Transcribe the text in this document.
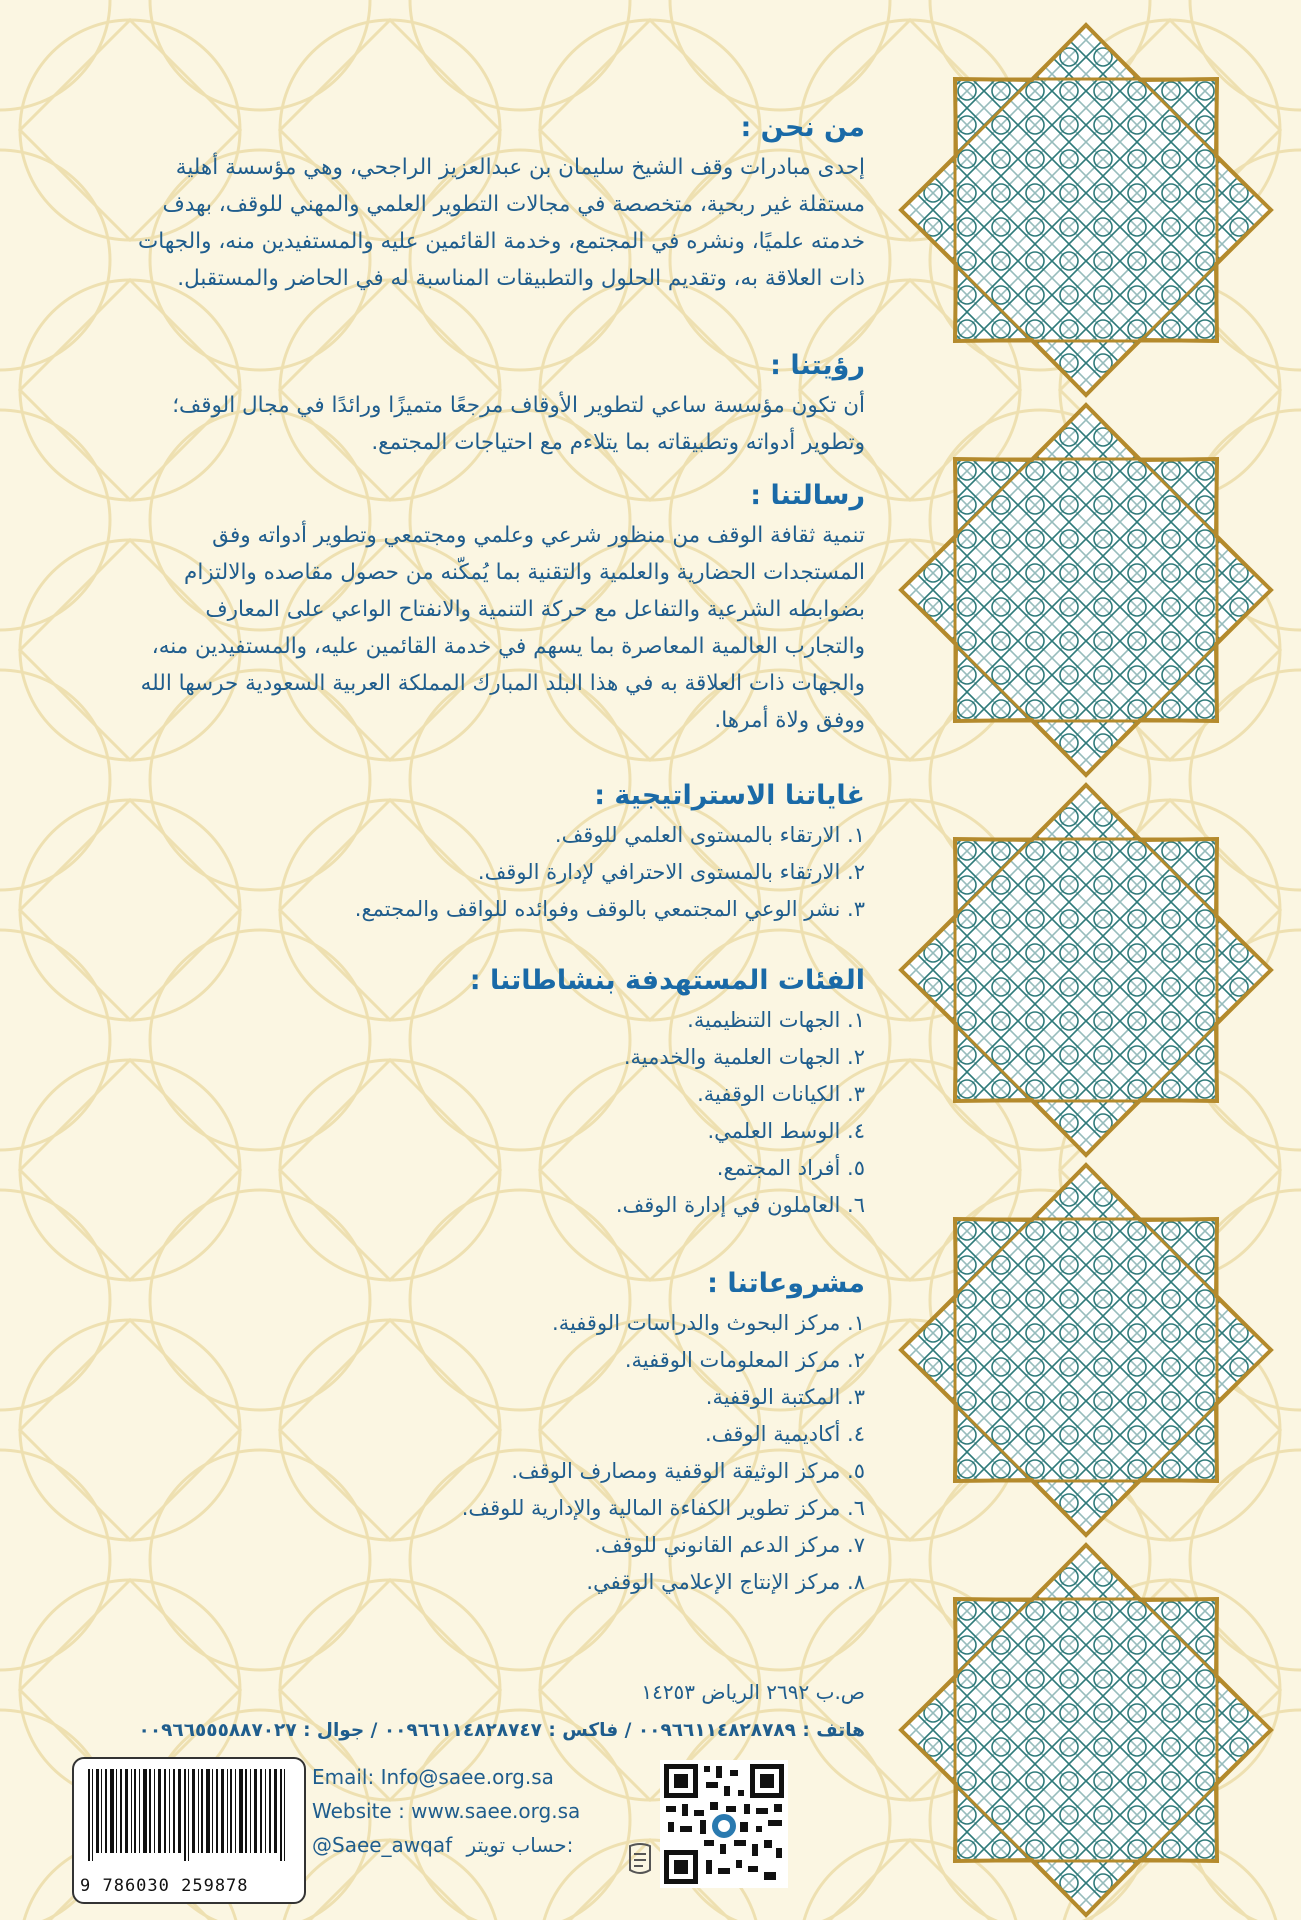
من نحن :

إحدى مبادرات وقف الشيخ سليمان بن عبدالعزيز الراجحي، وهي مؤسسة أهلية

مستقلة غير ربحية، متخصصة في مجالات التطوير العلمي والمهني للوقف، بهدف

خدمته علميًا، ونشره في المجتمع، وخدمة القائمين عليه والمستفيدين منه، والجهات

ذات العلاقة به، وتقديم الحلول والتطبيقات المناسبة له في الحاضر والمستقبل.

رؤيتنا :

أن تكون مؤسسة ساعي لتطوير الأوقاف مرجعًا متميزًا ورائدًا في مجال الوقف؛

وتطوير أدواته وتطبيقاته بما يتلاءم مع احتياجات المجتمع.

رسالتنا :

تنمية ثقافة الوقف من منظور شرعي وعلمي ومجتمعي وتطوير أدواته وفق

المستجدات الحضارية والعلمية والتقنية بما يُمكّنه من حصول مقاصده والالتزام

بضوابطه الشرعية والتفاعل مع حركة التنمية والانفتاح الواعي على المعارف

والتجارب العالمية المعاصرة بما يسهم في خدمة القائمين عليه، والمستفيدين منه،

والجهات ذات العلاقة به في هذا البلد المبارك المملكة العربية السعودية حرسها الله

ووفق ولاة أمرها.

غاياتنا الاستراتيجية :
١. الارتقاء بالمستوى العلمي للوقف.
٢. الارتقاء بالمستوى الاحترافي لإدارة الوقف.
٣. نشر الوعي المجتمعي بالوقف وفوائده للواقف والمجتمع.
الفئات المستهدفة بنشاطاتنا :
١. الجهات التنظيمية.
٢. الجهات العلمية والخدمية.
٣. الكيانات الوقفية.
٤. الوسط العلمي.
٥. أفراد المجتمع.
٦. العاملون في إدارة الوقف.
مشروعاتنا :
١. مركز البحوث والدراسات الوقفية.
٢. مركز المعلومات الوقفية.
٣. المكتبة الوقفية.
٤. أكاديمية الوقف.
٥. مركز الوثيقة الوقفية ومصارف الوقف.
٦. مركز تطوير الكفاءة المالية والإدارية للوقف.
٧. مركز الدعم القانوني للوقف.
٨. مركز الإنتاج الإعلامي الوقفي.
ص.ب ٢٦٩٢ الرياض ١٤٢٥٣
هاتف : ٠٠٩٦٦١١٤٨٢٨٧٨٩ / فاكس : ٠٠٩٦٦١١٤٨٢٨٧٤٧ / جوال : ٠٠٩٦٦٥٥٥٨٨٧٠٢٧
Email: Info@saee.org.sa
Website : www.saee.org.sa
@Saee_awqaf حساب تويتر:
9 786030 259878
